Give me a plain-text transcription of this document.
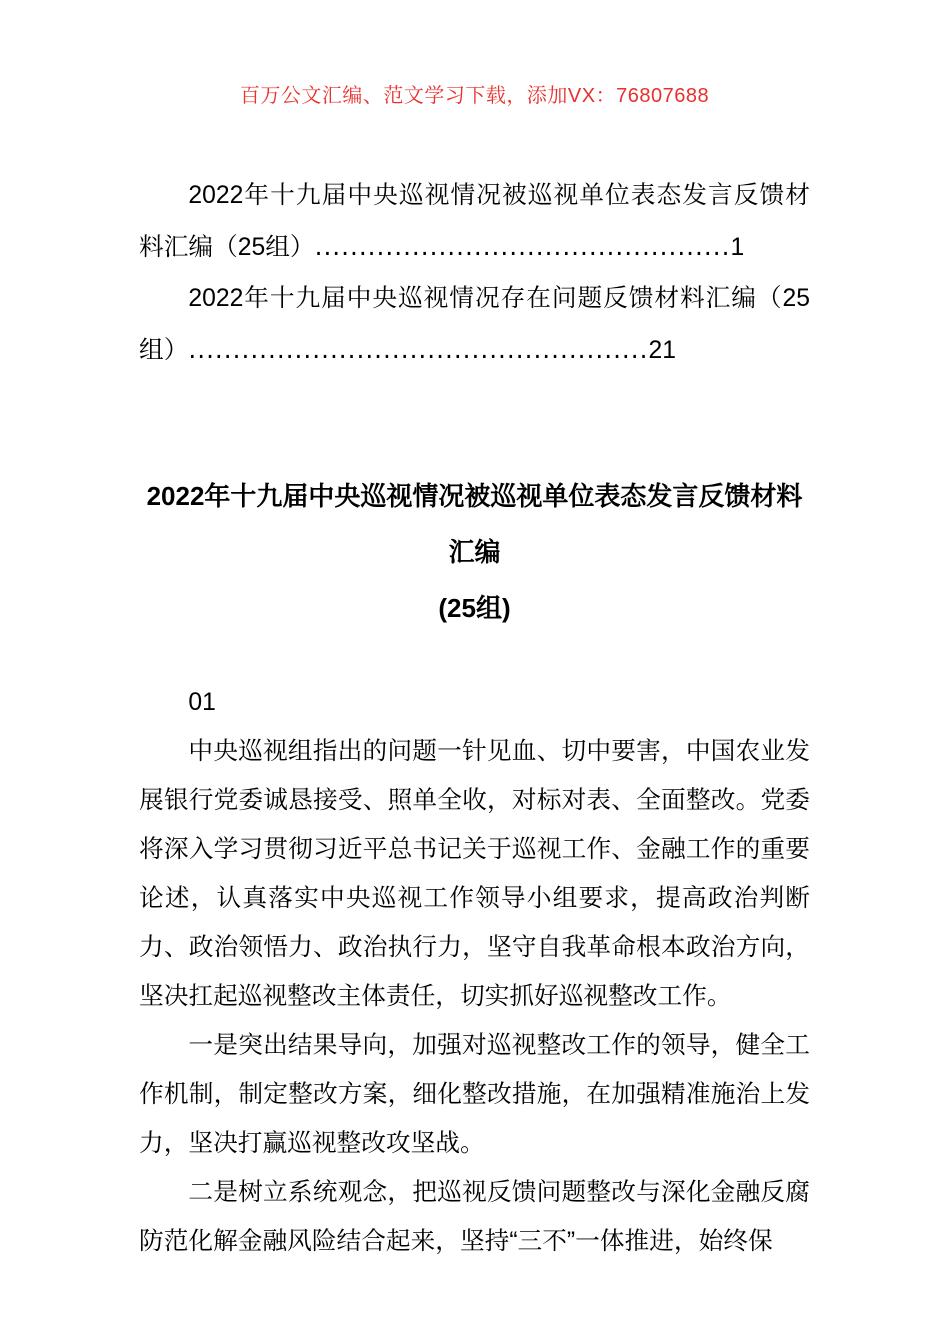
百万公文汇编、范文学习下载，添加VX：76807688
2022年十九届中央巡视情况被巡视单位表态发言反馈材料汇编（25组）...............................................1
2022年十九届中央巡视情况存在问题反馈材料汇编（25组）....................................................21
2022年十九届中央巡视情况被巡视单位表态发言反馈材料汇编
(25组)

01

中央巡视组指出的问题一针见血、切中要害，中国农业发展银行党委诚恳接受、照单全收，对标对表、全面整改。党委将深入学习贯彻习近平总书记关于巡视工作、金融工作的重要论述，认真落实中央巡视工作领导小组要求，提高政治判断力、政治领悟力、政治执行力，坚守自我革命根本政治方向，坚决扛起巡视整改主体责任，切实抓好巡视整改工作。

一是突出结果导向，加强对巡视整改工作的领导，健全工作机制，制定整改方案，细化整改措施，在加强精准施治上发力，坚决打赢巡视整改攻坚战。

二是树立系统观念，把巡视反馈问题整改与深化金融反腐防范化解金融风险结合起来，坚持“三不”一体推进，始终保
